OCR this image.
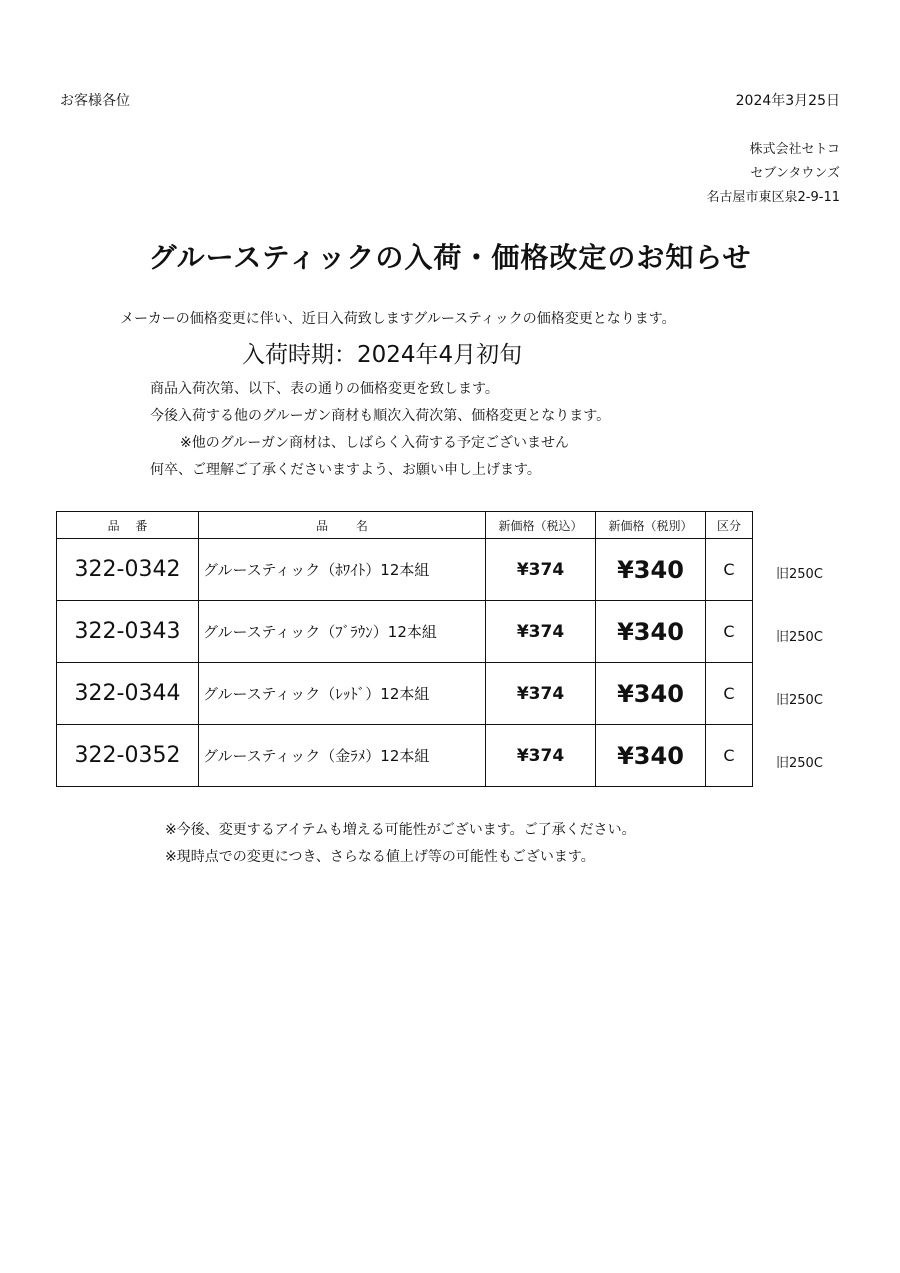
お客様各位	2024年3月25日
株式会社セトコ
セブンタウンズ
名古屋市東区泉2-9-11
グルースティックの入荷・価格改定のお知らせ
メーカーの価格変更に伴い、近日入荷致しますグルースティックの価格変更となります。
入荷時期：2024年4月初旬
商品入荷次第、以下、表の通りの価格変更を致します。
今後入荷する他のグルーガン商材も順次入荷次第、価格変更となります。
※他のグルーガン商材は、しばらく入荷する予定ございません
何卒、ご理解ご了承くださいますよう、お願い申し上げます。
品　 番	品　　 名	新価格（税込）	新価格（税別）	区分
322-0342	グルースティック（ﾎﾜｲﾄ）12本組	¥374	¥340	C
322-0343	グルースティック（ﾌﾞﾗｳﾝ）12本組	¥374	¥340	C
322-0344	グルースティック（ﾚｯﾄﾞ）12本組	¥374	¥340	C
322-0352	グルースティック（金ﾗﾒ）12本組	¥374	¥340	C
旧250C
旧250C
旧250C
旧250C
※今後、変更するアイテムも増える可能性がございます。ご了承ください。
※現時点での変更につき、さらなる値上げ等の可能性もございます。
